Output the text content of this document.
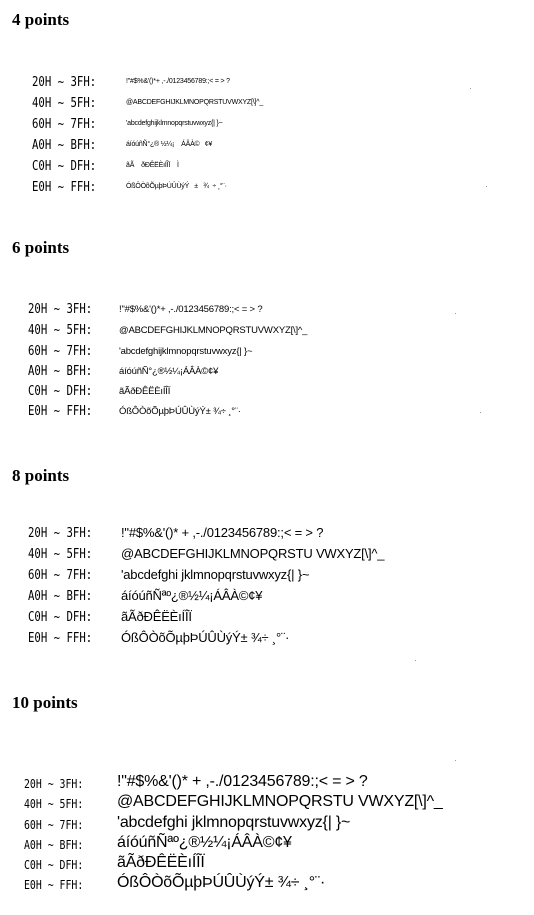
4 points
20H ~ 3FH:	!"#$%&'()*+ ,-./0123456789:;< = > ?
40H ~ 5FH:	@ABCDEFGHIJKLMNOPQRSTUVWXYZ[\]^_
60H ~ 7FH:	'abcdefghijklmnopqrstuvwxyz{| }~
A0H ~ BFH:	áíóúñÑ°¿® ½¼¡    ÁÂÀ©   ¢¥
C0H ~ DFH:	ãÃ    ðÐÊËÈıÍÎÏ    Ì
E0H ~ FFH:	ÓßÔÒõÕµþÞÚÛÙýÝ   ±   ¾  ÷ ¸°¨·
6 points
20H ~ 3FH:	!"#$%&'()*+ ,-./0123456789:;< = > ?
40H ~ 5FH:	@ABCDEFGHIJKLMNOPQRSTUVWXYZ[\]^_
60H ~ 7FH:	'abcdefghijklmnopqrstuvwxyz{| }~
A0H ~ BFH:	áíóúñÑ°¿®½¼¡ÁÂÀ©¢¥
C0H ~ DFH:	ãÃðÐÊËÈıÍÎÏ
E0H ~ FFH:	ÓßÔÒõÕµþÞÚÛÙýÝ± ¾÷ ¸°¨·
8 points
20H ~ 3FH: !"#$%&'()* + ,-./0123456789:;< = > ?
40H ~ 5FH: @ABCDEFGHIJKLMNOPQRSTU VWXYZ[\]^_
60H ~ 7FH: 'abcdefghi jklmnopqrstuvwxyz{| }~
A0H ~ BFH: áíóúñÑªº¿®½¼¡ÁÂÀ©¢¥
C0H ~ DFH: ãÃðÐÊËÈıÍÎÏ
E0H ~ FFH: ÓßÔÒõÕµþÞÚÛÙýÝ± ¾÷ ¸°¨·
10 points
20H ~ 3FH: !"#$%&'()* + ,-./0123456789:;< = > ?
40H ~ 5FH: @ABCDEFGHIJKLMNOPQRSTU VWXYZ[\]^_
60H ~ 7FH: 'abcdefghi jklmnopqrstuvwxyz{| }~
A0H ~ BFH: áíóúñÑªº¿®½¼¡ÁÂÀ©¢¥
C0H ~ DFH: ãÃðÐÊËÈıÍÎÏ
E0H ~ FFH: ÓßÔÒõÕµþÞÚÛÙýÝ± ¾÷ ¸°¨·
